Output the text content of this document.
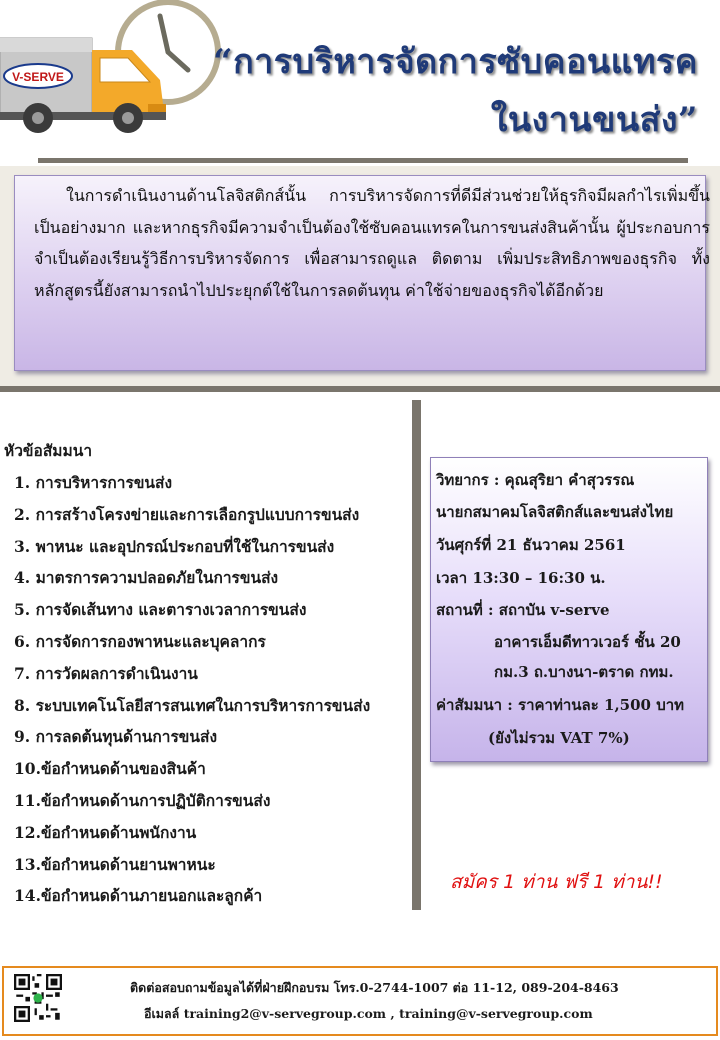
V-SERVE	“การบริหารจัดการซับคอนแทรค
ในงานขนส่ง”
ในการดำเนินงานด้านโลจิสติกส์นั้น การบริหารจัดการที่ดีมีส่วนช่วยให้ธุรกิจมีผลกำไรเพิ่มขึ้นเป็นอย่างมาก และหากธุรกิจมีความจำเป็นต้องใช้ซับคอนแทรคในการขนส่งสินค้านั้น ผู้ประกอบการจำเป็นต้องเรียนรู้วิธีการบริหารจัดการ เพื่อสามารถดูแล ติดตาม เพิ่มประสิทธิภาพของธุรกิจ ทั้งหลักสูตรนี้ยังสามารถนำไปประยุกต์ใช้ในการลดต้นทุน ค่าใช้จ่ายของธุรกิจได้อีกด้วย
หัวข้อสัมมนา
1. การบริหารการขนส่ง
2. การสร้างโครงข่ายและการเลือกรูปแบบการขนส่ง
3. พาหนะ และอุปกรณ์ประกอบที่ใช้ในการขนส่ง
4. มาตรการความปลอดภัยในการขนส่ง
5. การจัดเส้นทาง และตารางเวลาการขนส่ง
6. การจัดการกองพาหนะและบุคลากร
7. การวัดผลการดำเนินงาน
8. ระบบเทคโนโลยีสารสนเทศในการบริหารการขนส่ง
9. การลดต้นทุนด้านการขนส่ง
10.ข้อกำหนดด้านของสินค้า
11.ข้อกำหนดด้านการปฏิบัติการขนส่ง
12.ข้อกำหนดด้านพนักงาน
13.ข้อกำหนดด้านยานพาหนะ
14.ข้อกำหนดด้านภายนอกและลูกค้า
วิทยากร : คุณสุริยา คำสุวรรณ
นายกสมาคมโลจิสติกส์และขนส่งไทย
วันศุกร์ที่ 21 ธันวาคม 2561
เวลา 13:30 – 16:30 น.
สถานที่ : สถาบัน v-serve
อาคารเอ็มดีทาวเวอร์ ชั้น 20
กม.3 ถ.บางนา-ตราด กทม.
ค่าสัมมนา : ราคาท่านละ 1,500 บาท
(ยังไม่รวม VAT 7%)
สมัคร 1 ท่าน ฟรี 1 ท่าน!!
ติดต่อสอบถามข้อมูลได้ที่ฝ่ายฝึกอบรม โทร.0-2744-1007 ต่อ 11-12, 089-204-8463
อีเมลล์ training2@v-servegroup.com , training@v-servegroup.com
